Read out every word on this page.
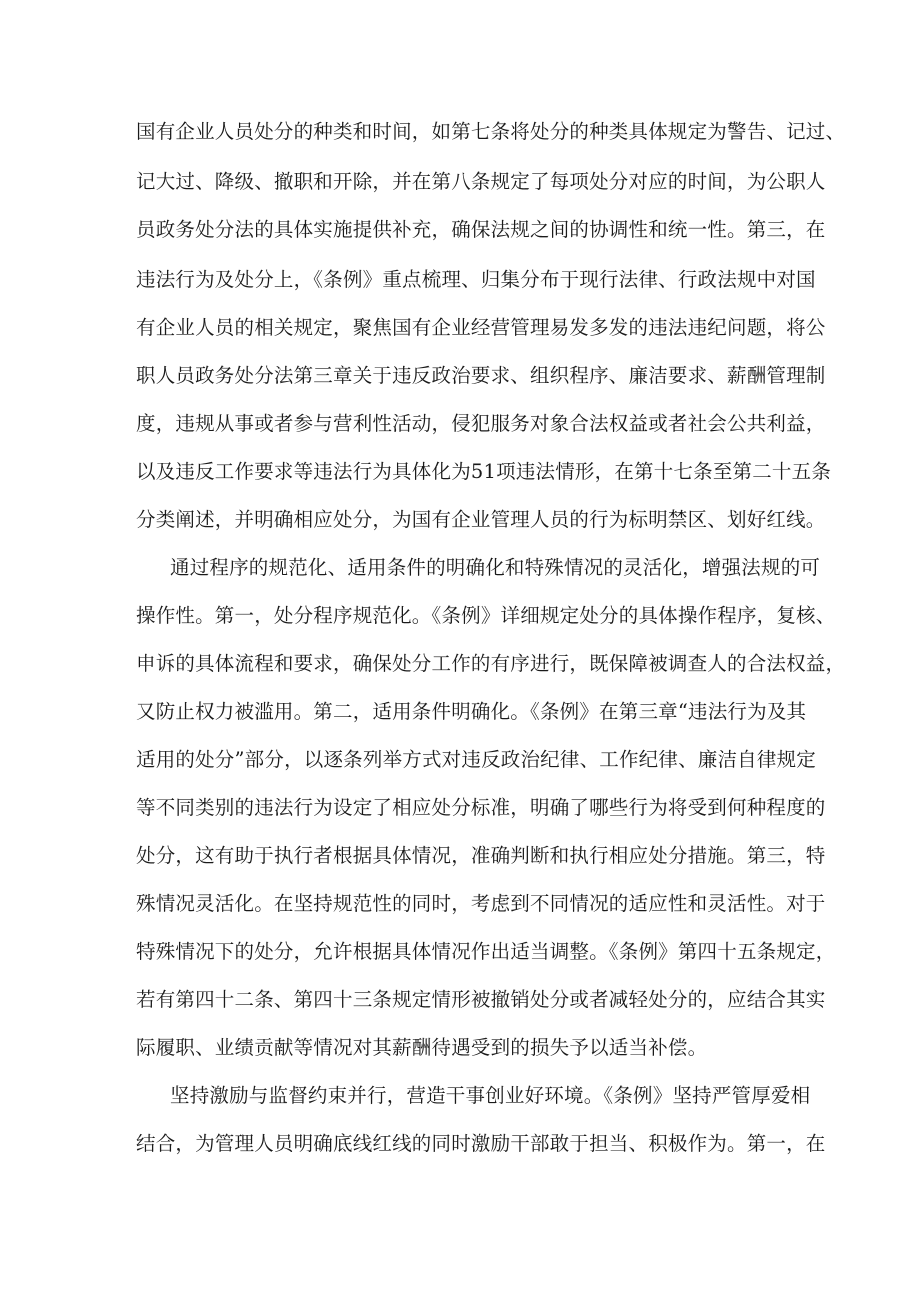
国有企业人员处分的种类和时间，如第七条将处分的种类具体规定为警告、记过、
记大过、降级、撤职和开除，并在第八条规定了每项处分对应的时间，为公职人
员政务处分法的具体实施提供补充，确保法规之间的协调性和统一性。第三，在
违法行为及处分上，《条例》重点梳理、归集分布于现行法律、行政法规中对国
有企业人员的相关规定，聚焦国有企业经营管理易发多发的违法违纪问题，将公
职人员政务处分法第三章关于违反政治要求、组织程序、廉洁要求、薪酬管理制
度，违规从事或者参与营利性活动，侵犯服务对象合法权益或者社会公共利益，
以及违反工作要求等违法行为具体化为51项违法情形，在第十七条至第二十五条
分类阐述，并明确相应处分，为国有企业管理人员的行为标明禁区、划好红线。
通过程序的规范化、适用条件的明确化和特殊情况的灵活化，增强法规的可
操作性。第一，处分程序规范化。《条例》详细规定处分的具体操作程序，复核、
申诉的具体流程和要求，确保处分工作的有序进行，既保障被调查人的合法权益，
又防止权力被滥用。第二，适用条件明确化。《条例》在第三章“违法行为及其
适用的处分”部分，以逐条列举方式对违反政治纪律、工作纪律、廉洁自律规定
等不同类别的违法行为设定了相应处分标准，明确了哪些行为将受到何种程度的
处分，这有助于执行者根据具体情况，准确判断和执行相应处分措施。第三，特
殊情况灵活化。在坚持规范性的同时，考虑到不同情况的适应性和灵活性。对于
特殊情况下的处分，允许根据具体情况作出适当调整。《条例》第四十五条规定，
若有第四十二条、第四十三条规定情形被撤销处分或者减轻处分的，应结合其实
际履职、业绩贡献等情况对其薪酬待遇受到的损失予以适当补偿。
坚持激励与监督约束并行，营造干事创业好环境。《条例》坚持严管厚爱相
结合，为管理人员明确底线红线的同时激励干部敢于担当、积极作为。第一，在
